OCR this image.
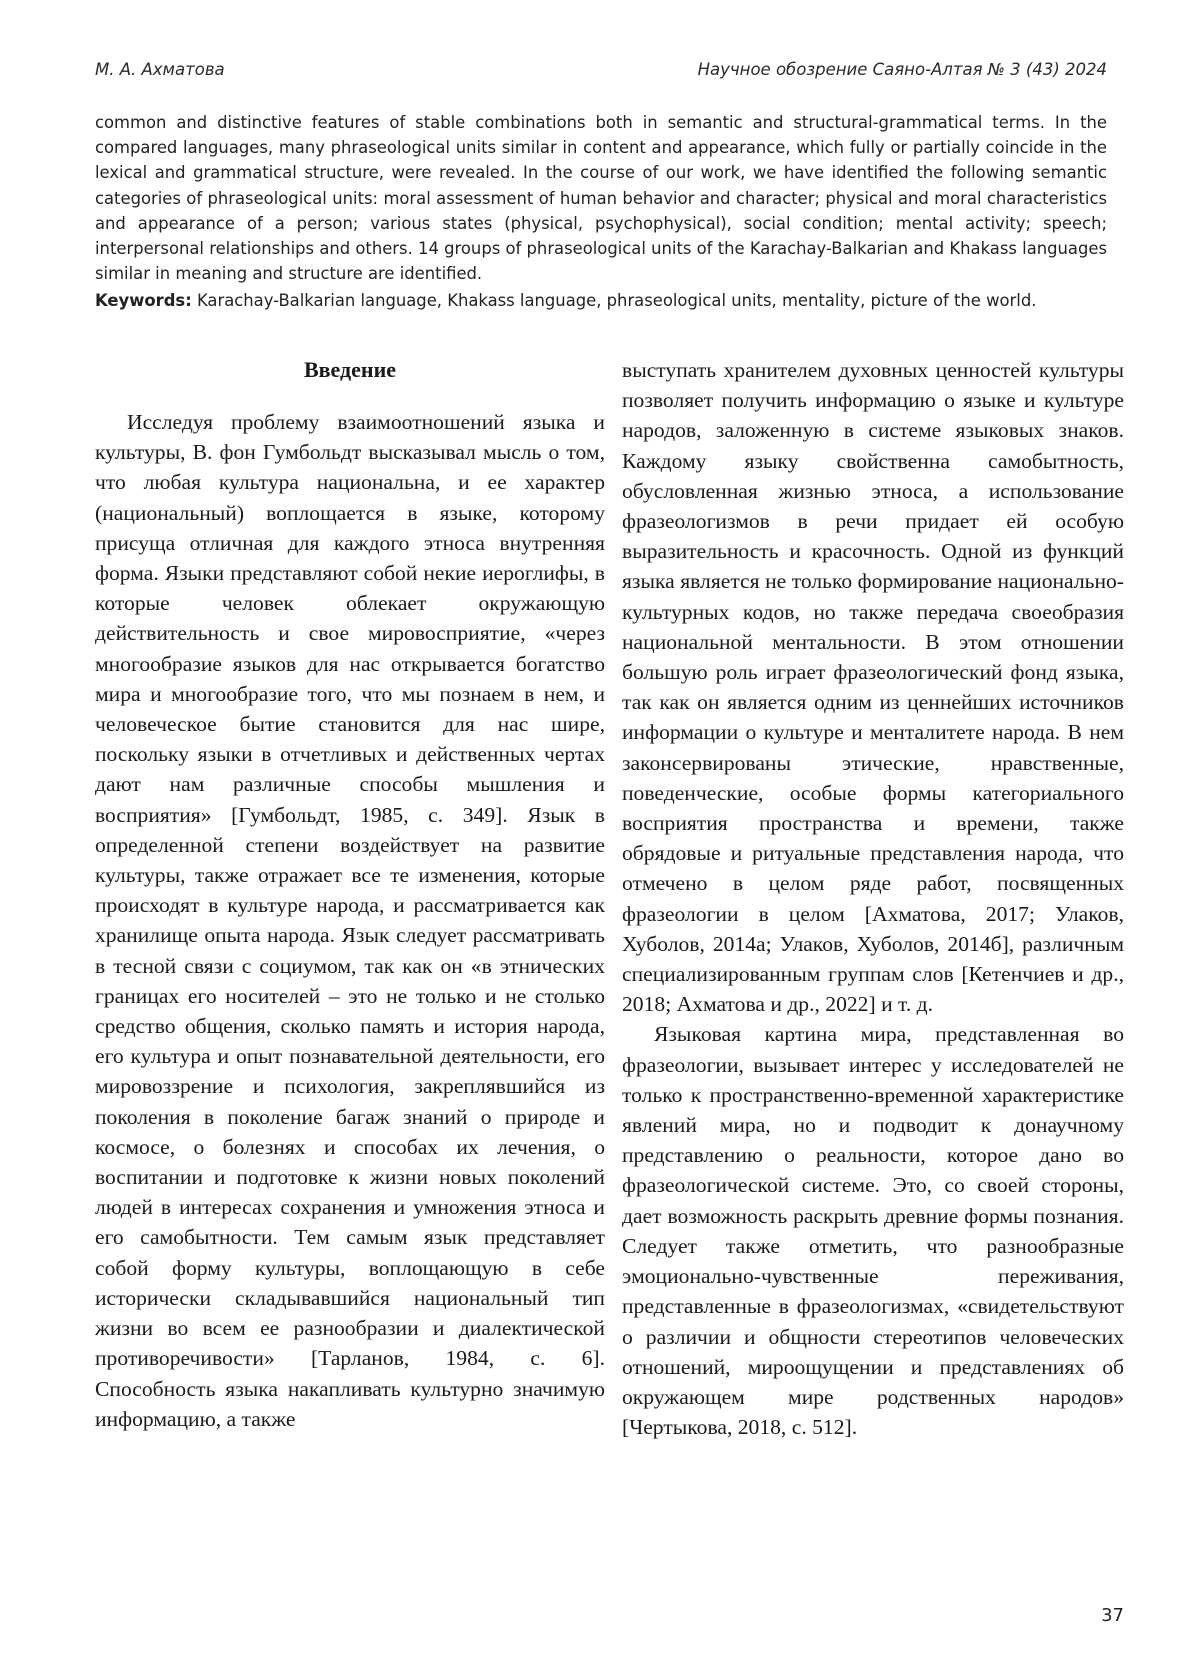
М. А. Ахматова	Научное обозрение Саяно-Алтая № 3 (43) 2024

common and distinctive features of stable combinations both in semantic and structural-grammatical terms. In the compared languages, many phraseological units similar in content and appearance, which fully or partially coincide in the lexical and grammatical structure, were revealed. In the course of our work, we have identified the following semantic categories of phraseological units: moral assessment of human behavior and character; physical and moral characteristics and appearance of a person; various states (physical, psychophysical), social condition; mental activity; speech; interpersonal relationships and others. 14 groups of phraseological units of the Karachay-Balkarian and Khakass languages similar in meaning and structure are identified.

Keywords: Karachay-Balkarian language, Khakass language, phraseological units, mentality, picture of the world.

Введение

Исследуя проблему взаимоотношений языка и культуры, В. фон Гумбольдт высказывал мысль о том, что любая культура национальна, и ее характер (национальный) воплощается в языке, которому присуща отличная для каждого этноса внутренняя форма. Языки представляют собой некие иероглифы, в которые человек облекает окружающую действительность и свое мировосприятие, «через многообразие языков для нас открывается богатство мира и многообразие того, что мы познаем в нем, и человеческое бытие становится для нас шире, поскольку языки в отчетливых и действенных чертах дают нам различные способы мышления и восприятия» [Гумбольдт, 1985, с. 349]. Язык в определенной степени воздействует на развитие культуры, также отражает все те изменения, которые происходят в культуре народа, и рассматривается как хранилище опыта народа. Язык следует рассматривать в тесной связи с социумом, так как он «в этнических границах его носителей – это не только и не столько средство общения, сколько память и история народа, его культура и опыт познавательной деятельности, его мировоззрение и психология, закреплявшийся из поколения в поколение багаж знаний о природе и космосе, о болезнях и способах их лечения, о воспитании и подготовке к жизни новых поколений людей в интересах сохранения и умножения этноса и его самобытности. Тем самым язык представляет собой форму культуры, воплощающую в себе исторически складывавшийся национальный тип жизни во всем ее разнообразии и диалектической противоречивости» [Тарланов, 1984, с. 6]. Способность языка накапливать культурно значимую информацию, а также

выступать хранителем духовных ценностей культуры позволяет получить информацию о языке и культуре народов, заложенную в системе языковых знаков. Каждому языку свойственна самобытность, обусловленная жизнью этноса, а использование фразеологизмов в речи придает ей особую выразительность и красочность. Одной из функций языка является не только формирование национально-культурных кодов, но также передача своеобразия национальной ментальности. В этом отношении большую роль играет фразеологический фонд языка, так как он является одним из ценнейших источников информации о культуре и менталитете народа. В нем законсервированы этические, нравственные, поведенческие, особые формы категориального восприятия пространства и времени, также обрядовые и ритуальные представления народа, что отмечено в целом ряде работ, посвященных фразеологии в целом [Ахматова, 2017; Улаков, Хуболов, 2014а; Улаков, Хуболов, 2014б], различным специализированным группам слов [Кетенчиев и др., 2018; Ахматова и др., 2022] и т. д.

Языковая картина мира, представленная во фразеологии, вызывает интерес у исследователей не только к пространственно-временной характеристике явлений мира, но и подводит к донаучному представлению о реальности, которое дано во фразеологической системе. Это, со своей стороны, дает возможность раскрыть древние формы познания. Следует также отметить, что разнообразные эмоционально-чувственные переживания, представленные в фразеологизмах, «свидетельствуют о различии и общности стереотипов человеческих отношений, мироощущении и представлениях об окружающем мире родственных народов» [Чертыкова, 2018, с. 512].

37
